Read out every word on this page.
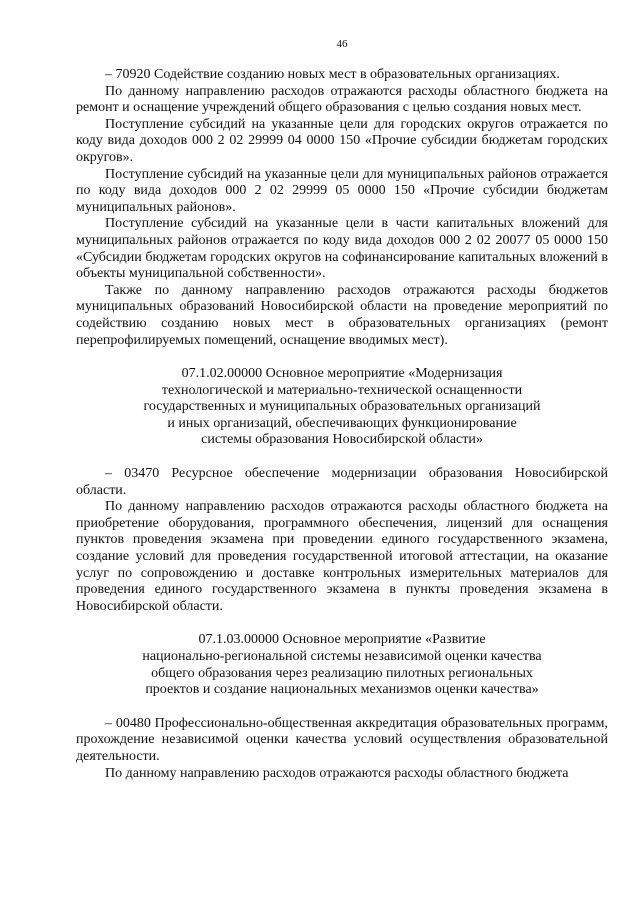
46

– 70920 Содействие созданию новых мест в образовательных организациях.

По данному направлению расходов отражаются расходы областного бюджета на ремонт и оснащение учреждений общего образования с целью создания новых мест.

Поступление субсидий на указанные цели для городских округов отражается по коду вида доходов 000 2 02 29999 04 0000 150 «Прочие субсидии бюджетам городских округов».

Поступление субсидий на указанные цели для муниципальных районов отражается по коду вида доходов 000 2 02 29999 05 0000 150 «Прочие субсидии бюджетам муниципальных районов».

Поступление субсидий на указанные цели в части капитальных вложений для муниципальных районов отражается по коду вида доходов 000 2 02 20077 05 0000 150 «Субсидии бюджетам городских округов на софинансирование капитальных вложений в объекты муниципальной собственности».

Также по данному направлению расходов отражаются расходы бюджетов муниципальных образований Новосибирской области на проведение мероприятий по содействию созданию новых мест в образовательных организациях (ремонт перепрофилируемых помещений, оснащение вводимых мест).

07.1.02.00000 Основное мероприятие «Модернизация
технологической и материально-технической оснащенности
государственных и муниципальных образовательных организаций
и иных организаций, обеспечивающих функционирование
системы образования Новосибирской области»

– 03470 Ресурсное обеспечение модернизации образования Новосибирской области.

По данному направлению расходов отражаются расходы областного бюджета на приобретение оборудования, программного обеспечения, лицензий для оснащения пунктов проведения экзамена при проведении единого государственного экзамена, создание условий для проведения государственной итоговой аттестации, на оказание услуг по сопровождению и доставке контрольных измерительных материалов для проведения единого государственного экзамена в пункты проведения экзамена в Новосибирской области.

07.1.03.00000 Основное мероприятие «Развитие
национально-региональной системы независимой оценки качества
общего образования через реализацию пилотных региональных
проектов и создание национальных механизмов оценки качества»

– 00480 Профессионально-общественная аккредитация образовательных программ, прохождение независимой оценки качества условий осуществления образовательной деятельности.

По данному направлению расходов отражаются расходы областного бюджета
